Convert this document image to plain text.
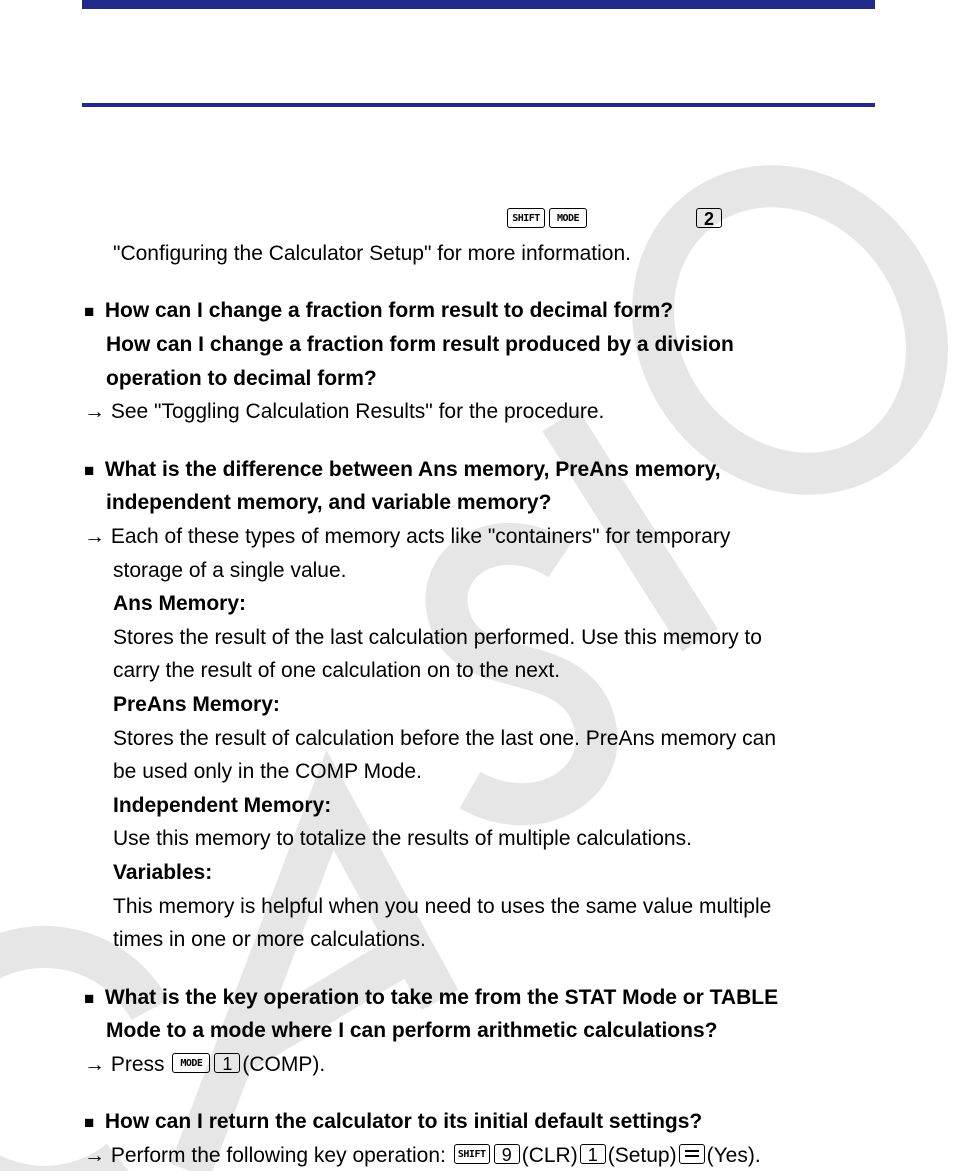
SHIFT MODE	2
"Configuring the Calculator Setup" for more information.
■ How can I change a fraction form result to decimal form?
How can I change a fraction form result produced by a division
operation to decimal form?
→ See "Toggling Calculation Results" for the procedure.
■ What is the difference between Ans memory, PreAns memory,
independent memory, and variable memory?
→ Each of these types of memory acts like "containers" for temporary
storage of a single value.
Ans Memory:
Stores the result of the last calculation performed. Use this memory to
carry the result of one calculation on to the next.
PreAns Memory:
Stores the result of calculation before the last one. PreAns memory can
be used only in the COMP Mode.
Independent Memory:
Use this memory to totalize the results of multiple calculations.
Variables:
This memory is helpful when you need to uses the same value multiple
times in one or more calculations.
■ What is the key operation to take me from the STAT Mode or TABLE
Mode to a mode where I can perform arithmetic calculations?
→ Press MODE 1 (COMP).
■ How can I return the calculator to its initial default settings?
→ Perform the following key operation: SHIFT 9 (CLR) 1 (Setup) (Yes).
